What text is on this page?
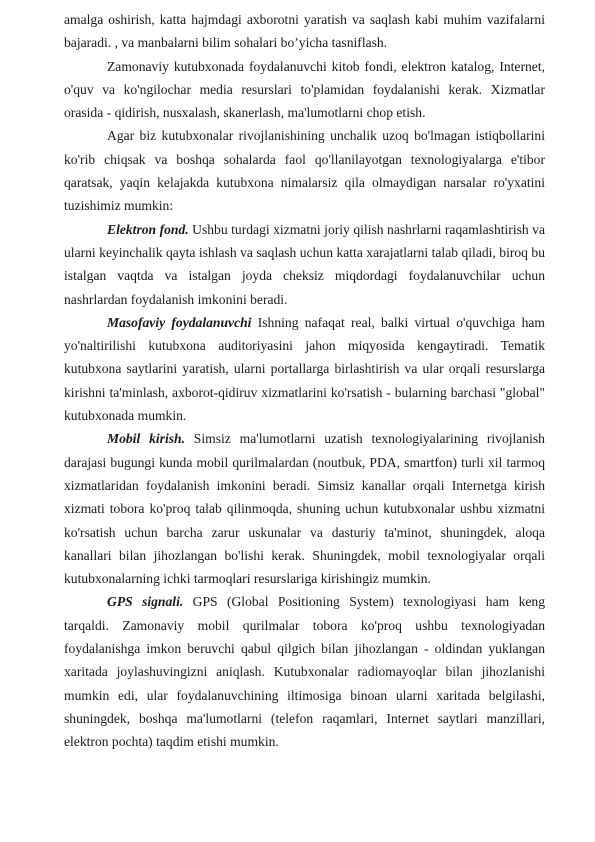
amalga oshirish, katta hajmdagi axborotni yaratish va saqlash kabi muhim vazifalarni bajaradi. , va manbalarni bilim sohalari bo’yicha tasniflash.

Zamonaviy kutubxonada foydalanuvchi kitob fondi, elektron katalog, Internet, o'quv va ko'ngilochar media resurslari to'plamidan foydalanishi kerak. Xizmatlar orasida - qidirish, nusxalash, skanerlash, ma'lumotlarni chop etish.

Agar biz kutubxonalar rivojlanishining unchalik uzoq bo'lmagan istiqbollarini ko'rib chiqsak va boshqa sohalarda faol qo'llanilayotgan texnologiyalarga e'tibor qaratsak, yaqin kelajakda kutubxona nimalarsiz qila olmaydigan narsalar ro'yxatini tuzishimiz mumkin:

Elektron fond. Ushbu turdagi xizmatni joriy qilish nashrlarni raqamlashtirish va ularni keyinchalik qayta ishlash va saqlash uchun katta xarajatlarni talab qiladi, biroq bu istalgan vaqtda va istalgan joyda cheksiz miqdordagi foydalanuvchilar uchun nashrlardan foydalanish imkonini beradi.

Masofaviy foydalanuvchi Ishning nafaqat real, balki virtual o'quvchiga ham yo'naltirilishi kutubxona auditoriyasini jahon miqyosida kengaytiradi. Tematik kutubxona saytlarini yaratish, ularni portallarga birlashtirish va ular orqali resurslarga kirishni ta'minlash, axborot-qidiruv xizmatlarini ko'rsatish - bularning barchasi "global" kutubxonada mumkin.

Mobil kirish. Simsiz ma'lumotlarni uzatish texnologiyalarining rivojlanish darajasi bugungi kunda mobil qurilmalardan (noutbuk, PDA, smartfon) turli xil tarmoq xizmatlaridan foydalanish imkonini beradi. Simsiz kanallar orqali Internetga kirish xizmati tobora ko'proq talab qilinmoqda, shuning uchun kutubxonalar ushbu xizmatni ko'rsatish uchun barcha zarur uskunalar va dasturiy ta'minot, shuningdek, aloqa kanallari bilan jihozlangan bo'lishi kerak. Shuningdek, mobil texnologiyalar orqali kutubxonalarning ichki tarmoqlari resurslariga kirishingiz mumkin.

GPS signali. GPS (Global Positioning System) texnologiyasi ham keng tarqaldi. Zamonaviy mobil qurilmalar tobora ko'proq ushbu texnologiyadan foydalanishga imkon beruvchi qabul qilgich bilan jihozlangan - oldindan yuklangan xaritada joylashuvingizni aniqlash. Kutubxonalar radiomayoqlar bilan jihozlanishi mumkin edi, ular foydalanuvchining iltimosiga binoan ularni xaritada belgilashi, shuningdek, boshqa ma'lumotlarni (telefon raqamlari, Internet saytlari manzillari, elektron pochta) taqdim etishi mumkin.
